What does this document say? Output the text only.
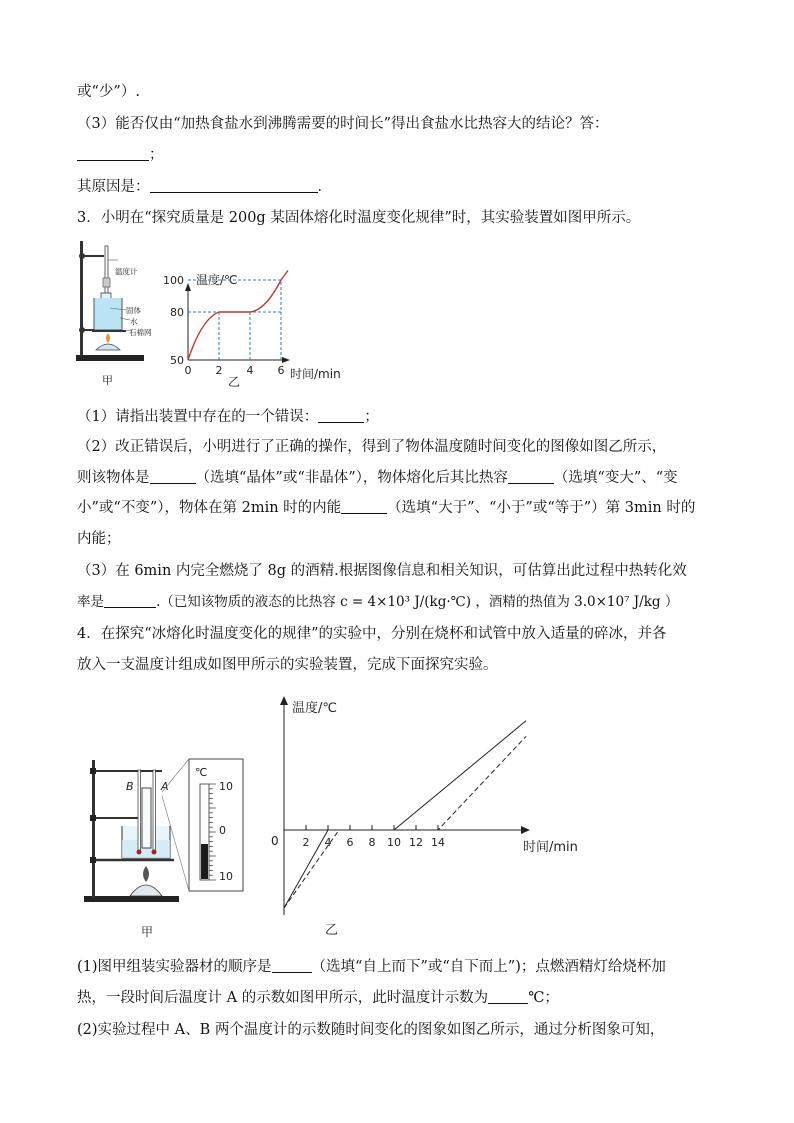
或“少”）.
（3）能否仅由“加热食盐水到沸腾需要的时间长”得出食盐水比热容大的结论？答：
；
其原因是：	．
3．小明在“探究质量是 200g 某固体熔化时温度变化规律”时，其实验装置如图甲所示。
温度计
固体
水
石棉网
甲
温度/℃
时间/min
乙
50
80
100
0 2 4 6
（1）请指出装置中存在的一个错误：	；
（2）改正错误后，小明进行了正确的操作，得到了物体温度随时间变化的图像如图乙所示，
则该物体是	（选填“晶体”或“非晶体”），物体熔化后其比热容	（选填“变大”、“变
小”或“不变”），物体在第 2min 时的内能	（选填“大于”、“小于”或“等于”）第 3min 时的
内能；
（3）在 6min 内完全燃烧了 8g 的酒精.根据图像信息和相关知识，可估算出此过程中热转化效
率是	.（已知该物质的液态的比热容 c = 4×10³ J/(kg·℃) ，酒精的热值为 3.0×10⁷ J/kg ）
4．在探究“冰熔化时温度变化的规律”的实验中，分别在烧杯和试管中放入适量的碎冰，并各
放入一支温度计组成如图甲所示的实验装置，完成下面探究实验。
B A
℃
10
0
10
甲
温度/℃
时间/min
0
乙
2 4 6 8 10 12 14
(1)图甲组装实验器材的顺序是	（选填“自上而下”或“自下而上”)；点燃酒精灯给烧杯加
热，一段时间后温度计 A 的示数如图甲所示，此时温度计示数为	℃；
(2)实验过程中 A、B 两个温度计的示数随时间变化的图象如图乙所示，通过分析图象可知，
